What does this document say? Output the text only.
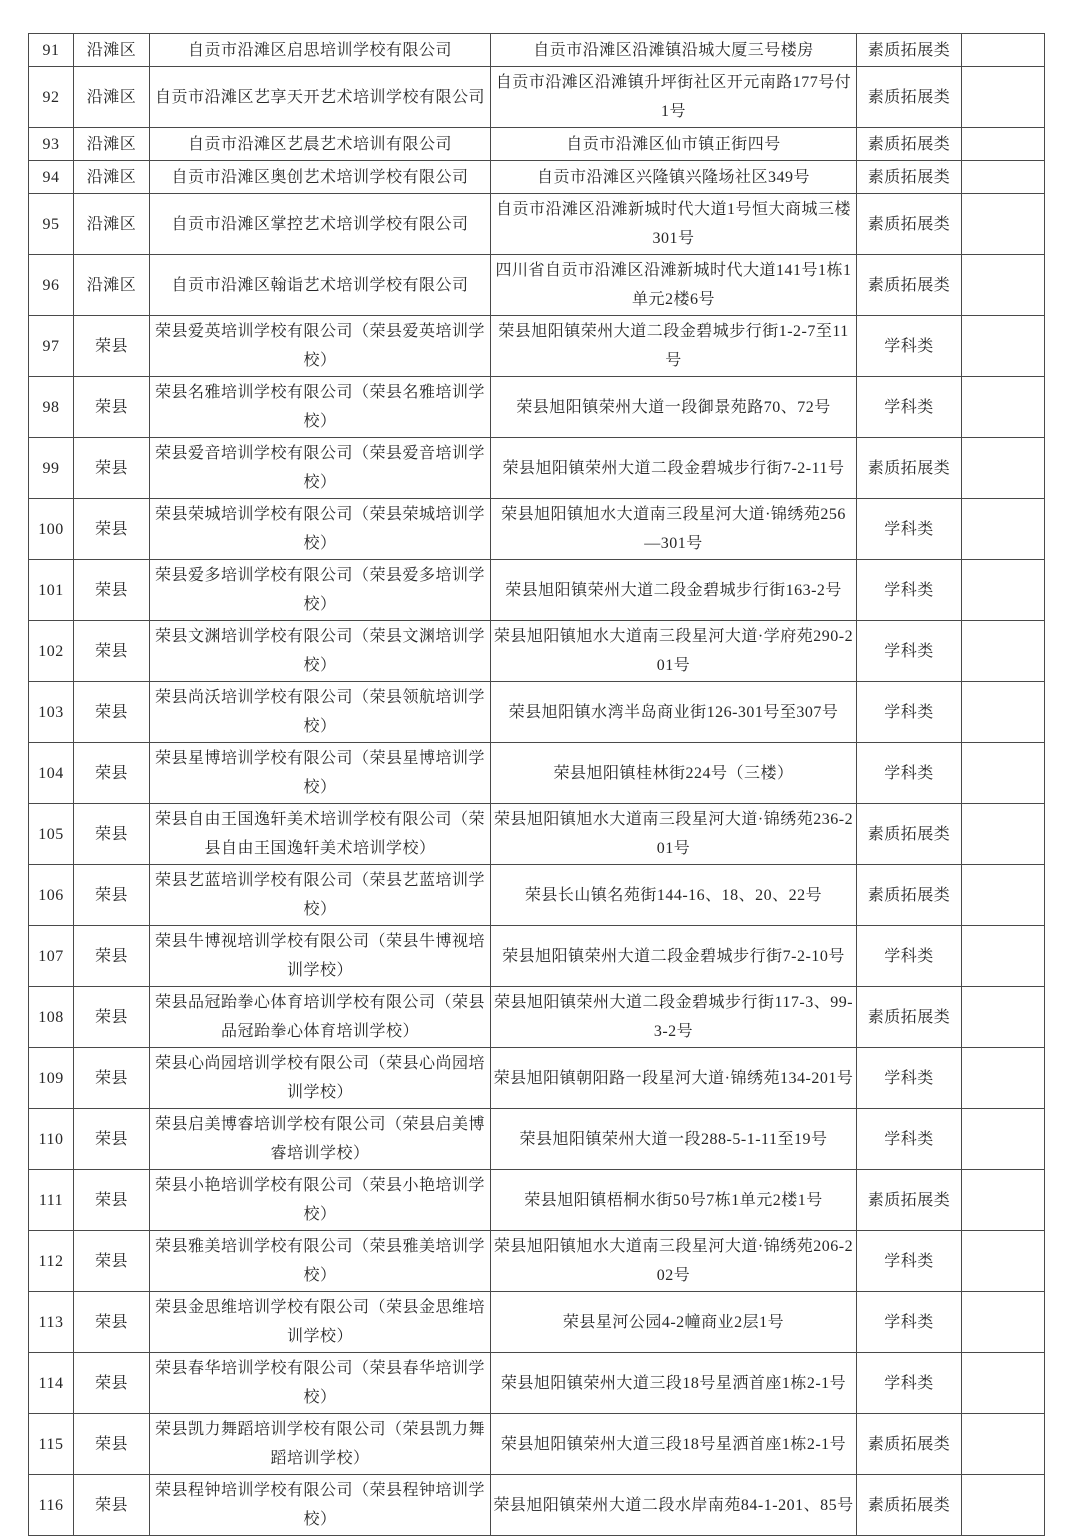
91	沿滩区	自贡市沿滩区启思培训学校有限公司	自贡市沿滩区沿滩镇沿城大厦三号楼房	素质拓展类	
92	沿滩区	自贡市沿滩区艺享天开艺术培训学校有限公司	自贡市沿滩区沿滩镇升坪街社区开元南路177号付1号	素质拓展类	
93	沿滩区	自贡市沿滩区艺晨艺术培训有限公司	自贡市沿滩区仙市镇正街四号	素质拓展类	
94	沿滩区	自贡市沿滩区奥创艺术培训学校有限公司	自贡市沿滩区兴隆镇兴隆场社区349号	素质拓展类	
95	沿滩区	自贡市沿滩区掌控艺术培训学校有限公司	自贡市沿滩区沿滩新城时代大道1号恒大商城三楼301号	素质拓展类	
96	沿滩区	自贡市沿滩区翰诣艺术培训学校有限公司	四川省自贡市沿滩区沿滩新城时代大道141号1栋1单元2楼6号	素质拓展类	
97	荣县	荣县爱英培训学校有限公司（荣县爱英培训学校）	荣县旭阳镇荣州大道二段金碧城步行街1-2-7至11号	学科类	
98	荣县	荣县名雅培训学校有限公司（荣县名雅培训学校）	荣县旭阳镇荣州大道一段御景苑路70、72号	学科类	
99	荣县	荣县爱音培训学校有限公司（荣县爱音培训学校）	荣县旭阳镇荣州大道二段金碧城步行街7-2-11号	素质拓展类	
100	荣县	荣县荣城培训学校有限公司（荣县荣城培训学校）	荣县旭阳镇旭水大道南三段星河大道·锦绣苑256—301号	学科类	
101	荣县	荣县爱多培训学校有限公司（荣县爱多培训学校）	荣县旭阳镇荣州大道二段金碧城步行街163-2号	学科类	
102	荣县	荣县文渊培训学校有限公司（荣县文渊培训学校）	荣县旭阳镇旭水大道南三段星河大道·学府苑290-201号	学科类	
103	荣县	荣县尚沃培训学校有限公司（荣县领航培训学校）	荣县旭阳镇水湾半岛商业街126-301号至307号	学科类	
104	荣县	荣县星博培训学校有限公司（荣县星博培训学校）	荣县旭阳镇桂林街224号（三楼）	学科类	
105	荣县	荣县自由王国逸轩美术培训学校有限公司（荣县自由王国逸轩美术培训学校）	荣县旭阳镇旭水大道南三段星河大道·锦绣苑236-201号	素质拓展类	
106	荣县	荣县艺蓝培训学校有限公司（荣县艺蓝培训学校）	荣县长山镇名苑街144-16、18、20、22号	素质拓展类	
107	荣县	荣县牛博视培训学校有限公司（荣县牛博视培训学校）	荣县旭阳镇荣州大道二段金碧城步行街7-2-10号	学科类	
108	荣县	荣县品冠跆拳心体育培训学校有限公司（荣县品冠跆拳心体育培训学校）	荣县旭阳镇荣州大道二段金碧城步行街117-3、99-3-2号	素质拓展类	
109	荣县	荣县心尚园培训学校有限公司（荣县心尚园培训学校）	荣县旭阳镇朝阳路一段星河大道·锦绣苑134-201号	学科类	
110	荣县	荣县启美博睿培训学校有限公司（荣县启美博睿培训学校）	荣县旭阳镇荣州大道一段288-5-1-11至19号	学科类	
111	荣县	荣县小艳培训学校有限公司（荣县小艳培训学校）	荣县旭阳镇梧桐水街50号7栋1单元2楼1号	素质拓展类	
112	荣县	荣县雅美培训学校有限公司（荣县雅美培训学校）	荣县旭阳镇旭水大道南三段星河大道·锦绣苑206-202号	学科类	
113	荣县	荣县金思维培训学校有限公司（荣县金思维培训学校）	荣县星河公园4-2幢商业2层1号	学科类	
114	荣县	荣县春华培训学校有限公司（荣县春华培训学校）	荣县旭阳镇荣州大道三段18号星洒首座1栋2-1号	学科类	
115	荣县	荣县凯力舞蹈培训学校有限公司（荣县凯力舞蹈培训学校）	荣县旭阳镇荣州大道三段18号星洒首座1栋2-1号	素质拓展类	
116	荣县	荣县程钟培训学校有限公司（荣县程钟培训学校）	荣县旭阳镇荣州大道二段水岸南苑84-1-201、85号	素质拓展类	
